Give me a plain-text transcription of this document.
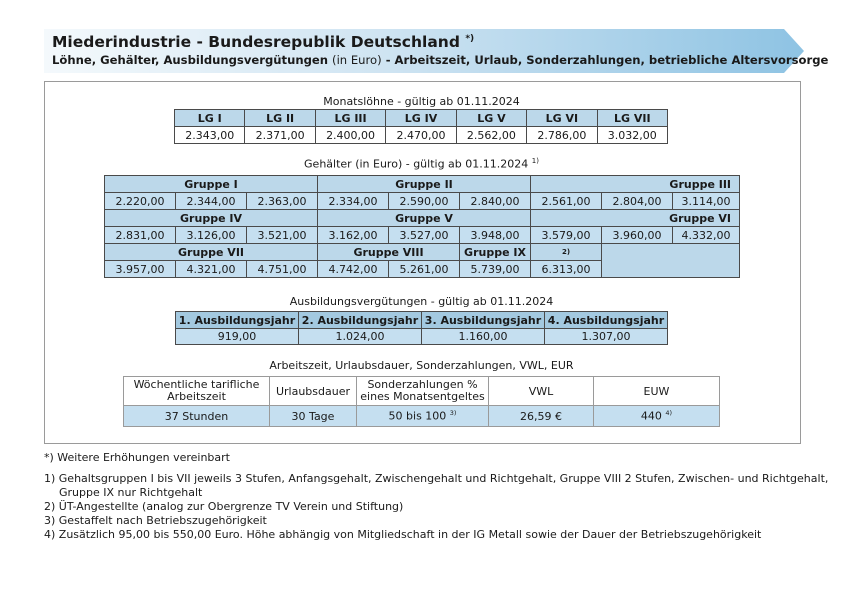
Miederindustrie - Bundesrepublik Deutschland *)
Löhne, Gehälter, Ausbildungsvergütungen (in Euro) - Arbeitszeit, Urlaub, Sonderzahlungen, betriebliche Altersvorsorge
Monatslöhne - gültig ab 01.11.2024
LG I	LG II	LG III	LG IV	LG V	LG VI	LG VII
2.343,00	2.371,00	2.400,00	2.470,00	2.562,00	2.786,00	3.032,00
Gehälter (in Euro) - gültig ab 01.11.2024 $^{1)}$
Gruppe I			Gruppe II			Gruppe III		
2.220,00	2.344,00	2.363,00	2.334,00	2.590,00	2.840,00	2.561,00	2.804,00	3.114,00
Gruppe IV			Gruppe V			Gruppe VI		
2.831,00	3.126,00	3.521,00	3.162,00	3.527,00	3.948,00	3.579,00	3.960,00	4.332,00
Gruppe VII			Gruppe VIII		Gruppe IX	2)		
3.957,00	4.321,00	4.751,00	4.742,00	5.261,00	5.739,00	6.313,00		
Ausbildungsvergütungen - gültig ab 01.11.2024
1. Ausbildungsjahr	2. Ausbildungsjahr	3. Ausbildungsjahr	4. Ausbildungsjahr
919,00	1.024,00	1.160,00	1.307,00
Arbeitszeit, Urlaubsdauer, Sonderzahlungen, VWL, EUR
Wöchentliche tarifliche Arbeitszeit	Urlaubsdauer	Sonderzahlungen % eines Monatsentgeltes	VWL	EUW
37 Stunden	30 Tage	50 bis 100 $^{3)}$	26,59 €	440 $^{4)}$
*) Weitere Erhöhungen vereinbart
1) Gehaltsgruppen I bis VII jeweils 3 Stufen, Anfangsgehalt, Zwischengehalt und Richtgehalt, Gruppe VIII 2 Stufen, Zwischen- und Richtgehalt,
Gruppe IX nur Richtgehalt
2) ÜT-Angestellte (analog zur Obergrenze TV Verein und Stiftung)
3) Gestaffelt nach Betriebszugehörigkeit
4) Zusätzlich 95,00 bis 550,00 Euro. Höhe abhängig von Mitgliedschaft in der IG Metall sowie der Dauer der Betriebszugehörigkeit
